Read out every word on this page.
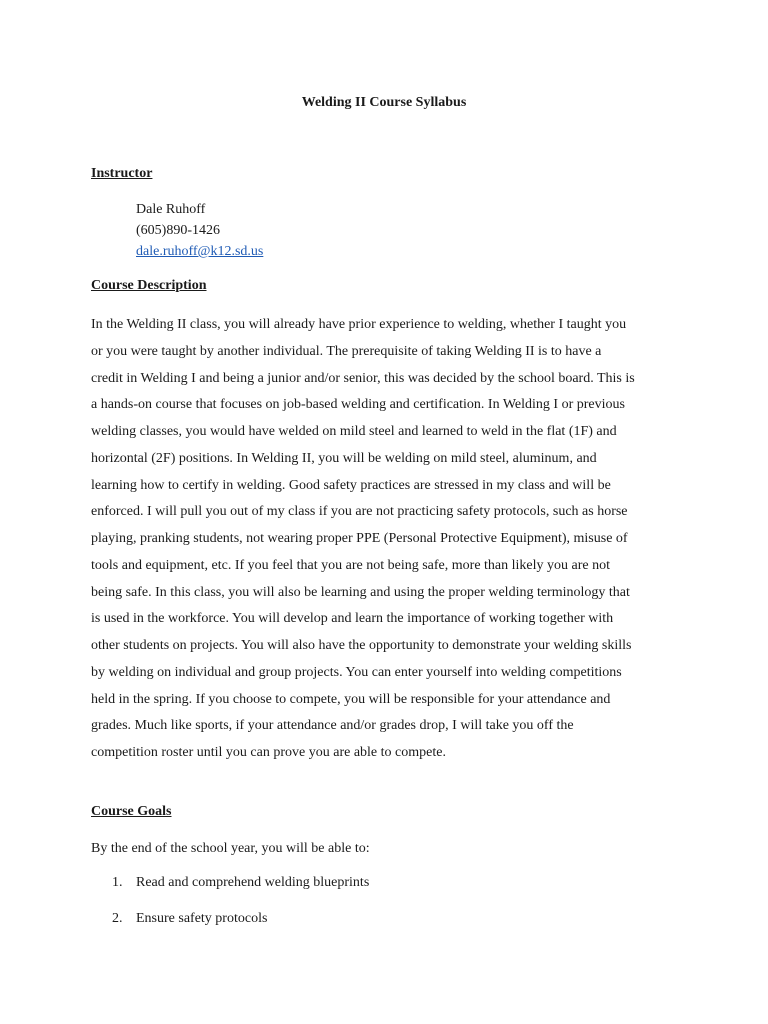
Welding II Course Syllabus
Instructor
Dale Ruhoff
(605)890-1426
dale.ruhoff@k12.sd.us
Course Description

In the Welding II class, you will already have prior experience to welding, whether I taught you
or you were taught by another individual. The prerequisite of taking Welding II is to have a
credit in Welding I and being a junior and/or senior, this was decided by the school board. This is
a hands-on course that focuses on job-based welding and certification. In Welding I or previous
welding classes, you would have welded on mild steel and learned to weld in the flat (1F) and
horizontal (2F) positions. In Welding II, you will be welding on mild steel, aluminum, and
learning how to certify in welding. Good safety practices are stressed in my class and will be
enforced. I will pull you out of my class if you are not practicing safety protocols, such as horse
playing, pranking students, not wearing proper PPE (Personal Protective Equipment), misuse of
tools and equipment, etc. If you feel that you are not being safe, more than likely you are not
being safe. In this class, you will also be learning and using the proper welding terminology that
is used in the workforce. You will develop and learn the importance of working together with
other students on projects. You will also have the opportunity to demonstrate your welding skills
by welding on individual and group projects. You can enter yourself into welding competitions
held in the spring. If you choose to compete, you will be responsible for your attendance and
grades. Much like sports, if your attendance and/or grades drop, I will take you off the
competition roster until you can prove you are able to compete.

Course Goals
By the end of the school year, you will be able to:
1. Read and comprehend welding blueprints
2. Ensure safety protocols
